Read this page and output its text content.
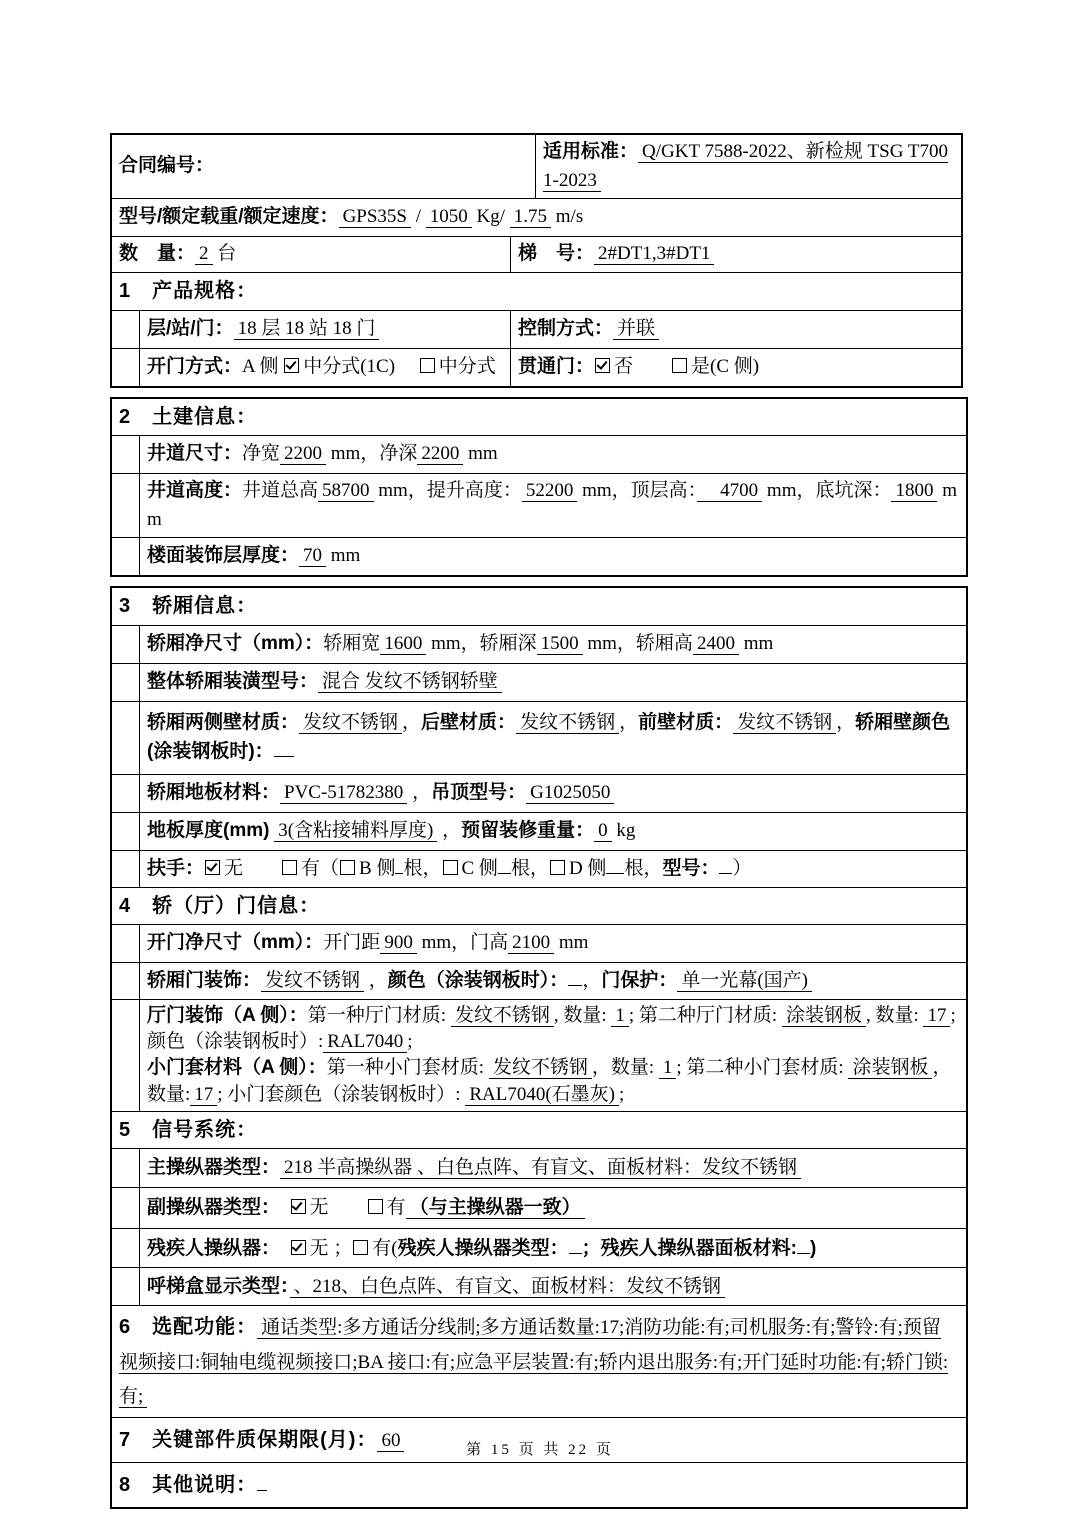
合同编号：

适用标准： Q/GKT 7588-2022、新检规 TSG T7001-2023

型号/额定载重/额定速度： GPS35S / 1050 Kg/ 1.75 m/s

数　量： 2 台	梯　号： 2#DT1,3#DT1

1　产品规格：

层/站/门： 18 层 18 站 18 门	控制方式： 并联

开门方式：A 侧 中分式(1C)　 中分式	贯通门： 否　　是(C 侧)

2　土建信息：

井道尺寸：净宽 2200 mm，净深 2200 mm

井道高度：井道总高 58700 mm，提升高度： 52200 mm，顶层高：　4700 mm，底坑深： 1800 mm

楼面装饰层厚度： 70 mm

3　轿厢信息：

轿厢净尺寸（mm）：轿厢宽 1600 mm，轿厢深 1500 mm，轿厢高 2400 mm

整体轿厢装潢型号： 混合 发纹不锈钢轿壁

轿厢两侧壁材质： 发纹不锈钢 ，后壁材质： 发纹不锈钢 ，前壁材质： 发纹不锈钢 ，轿厢壁颜色(涂装钢板时)：

轿厢地板材料： PVC-51782380 ，吊顶型号： G1025050

地板厚度(mm) 3(含粘接辅料厚度) ，预留装修重量： 0 kg

扶手： 无　　有（ B 侧 根， C 侧 根， D 侧 根，型号： ）

4　轿（厅）门信息：

开门净尺寸（mm）：开门距 900 mm，门高 2100 mm

轿厢门装饰： 发纹不锈钢 ，颜色（涂装钢板时）： ，门保护： 单一光幕(国产)

厅门装饰（A 侧）：第一种厅门材质: 发纹不锈钢 , 数量: 1 ; 第二种厅门材质: 涂装钢板 , 数量: 17 ; 颜色（涂装钢板时）: RAL7040 ;

小门套材料（A 侧）：第一种小门套材质: 发纹不锈钢 ，数量: 1 ; 第二种小门套材质: 涂装钢板 ，数量: 17 ; 小门套颜色（涂装钢板时）: RAL7040(石墨灰) ;

5　信号系统：

主操纵器类型： 218 半高操纵器 、白色点阵、有盲文、面板材料：发纹不锈钢

副操纵器类型：　 无　　有 （与主操纵器一致）

残疾人操纵器：　 无 ； 有(残疾人操纵器类型： ；残疾人操纵器面板材料: )

呼梯盒显示类型： 、218、白色点阵、有盲文、面板材料：发纹不锈钢

6　选配功能： 通话类型:多方通话分线制;多方通话数量:17;消防功能:有;司机服务:有;警铃:有;预留视频接口:铜轴电缆视频接口;BA 接口:有;应急平层装置:有;轿内退出服务:有;开门延时功能:有;轿门锁:有;

7　关键部件质保期限(月)： 60

8　其他说明：

第 15 页 共 22 页
